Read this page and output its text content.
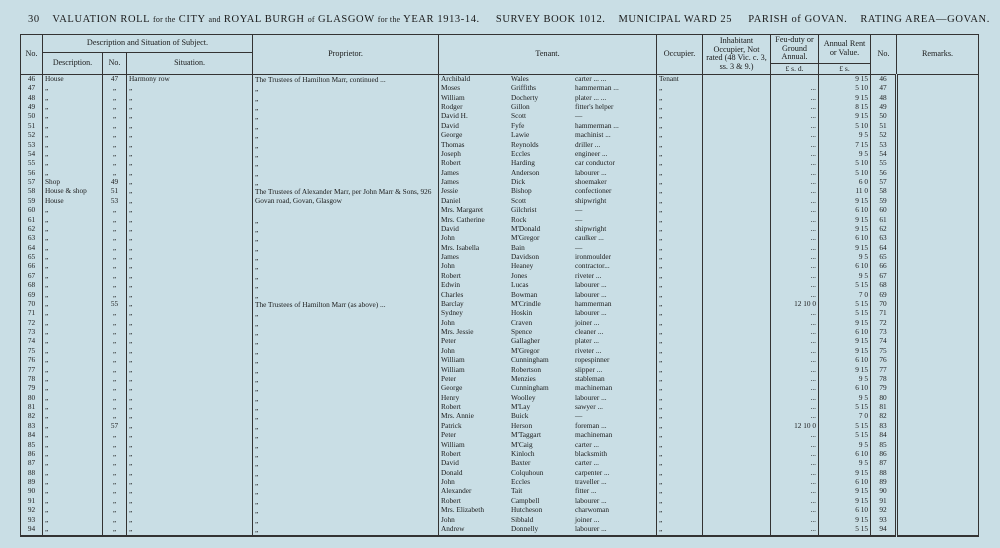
30 VALUATION ROLL for the CITY and ROYAL BURGH of GLASGOW for the YEAR 1913-14. SURVEY BOOK 1012. MUNICIPAL WARD 25 PARISH of GOVAN. RATING AREA—GOVAN.
No.	Description and Situation of Subject.			Proprietor.	Tenant.	Occupier.	Inhabitant Occupier, Not rated (48 Vic. c. 3, ss. 3 & 9.)	Feu-duty or Ground Annual.	Annual Rent or Value.	No.	Remarks.
	Description.	No.	Situation.								
								£ s. d.	£ s.		
46	House	47	Harmony row	The Trustees of Hamilton Marr, continued ...	Archibald Wales carter ... ...	Tenant			9 15	46	
47	„	„	„	„	Moses Griffiths hammerman ...	„		...	5 10	47	
48	„	„	„	„	William Docherty plater ... ...	„		...	9 15	48	
49	„	„	„	„	Rodger Gillon fitter's helper	„		...	8 15	49	
50	„	„	„	„	David H. Scott —	„		...	9 15	50	
51	„	„	„	„	David Fyfe hammerman ...	„		...	5 10	51	
52	„	„	„	„	George Lawie machinist ...	„		...	9 5	52	
53	„	„	„	„	Thomas Reynolds driller ...	„		...	7 15	53	
54	„	„	„	„	Joseph Eccles engineer ...	„		...	9 5	54	
55	„	„	„	„	Robert Harding car conductor	„		...	5 10	55	
56	„	„	„	„	James Anderson labourer ...	„		...	5 10	56	
57	Shop	49	„	„	James Dick shoemaker	„		...	6 0	57	
58	House & shop	51	„	The Trustees of Alexander Marr, per John Marr & Sons, 926 Govan road, Govan, Glasgow	Jessie Bishop confectioner	„		...	11 0	58	
59	House	53	„		Daniel Scott shipwright	„		...	9 15	59	
60	„	„	„		Mrs. Margaret Gilchrist —	„		...	6 10	60	
61	„	„	„	„	Mrs. Catherine Rock —	„		...	9 15	61	
62	„	„	„	„	David M'Donald shipwright	„		...	9 15	62	
63	„	„	„	„	John M'Gregor caulker ...	„		...	6 10	63	
64	„	„	„	„	Mrs. Isabella Bain —	„		...	9 15	64	
65	„	„	„	„	James Davidson ironmoulder	„		...	9 5	65	
66	„	„	„	„	John Heaney contractor...	„		...	6 10	66	
67	„	„	„	„	Robert Jones riveter ...	„		...	9 5	67	
68	„	„	„	„	Edwin Lucas labourer ...	„		...	5 15	68	
69	„	„	„	„	Charles Bowman labourer ...	„		...	7 0	69	
70	„	55	„	The Trustees of Hamilton Marr (as above) ...	Barclay M'Crindle hammerman	„		12 10 0	5 15	70	
71	„	„	„	„	Sydney Hoskin labourer ...	„		...	5 15	71	
72	„	„	„	„	John Craven joiner ...	„		...	9 15	72	
73	„	„	„	„	Mrs. Jessie Spence cleaner ...	„		...	6 10	73	
74	„	„	„	„	Peter Gallagher plater ...	„		...	9 15	74	
75	„	„	„	„	John M'Gregor riveter ...	„		...	9 15	75	
76	„	„	„	„	William Cunningham ropespinner	„		...	6 10	76	
77	„	„	„	„	William Robertson slipper ...	„		...	9 15	77	
78	„	„	„	„	Peter Menzies stableman	„		...	9 5	78	
79	„	„	„	„	George Cunningham machineman	„		...	6 10	79	
80	„	„	„	„	Henry Woolley labourer ...	„		...	9 5	80	
81	„	„	„	„	Robert M'Lay sawyer ...	„		...	5 15	81	
82	„	„	„	„	Mrs. Annie Buick —	„		...	7 0	82	
83	„	57	„	„	Patrick Herson foreman ...	„		12 10 0	5 15	83	
84	„	„	„	„	Peter M'Taggart machineman	„		...	5 15	84	
85	„	„	„	„	William M'Caig carter ...	„		...	9 5	85	
86	„	„	„	„	Robert Kinloch blacksmith	„		...	6 10	86	
87	„	„	„	„	David Baxter carter ...	„		...	9 5	87	
88	„	„	„	„	Donald Colquhoun carpenter ...	„		...	9 15	88	
89	„	„	„	„	John Eccles traveller ...	„		...	6 10	89	
90	„	„	„	„	Alexander Tait fitter ...	„		...	9 15	90	
91	„	„	„	„	Robert Campbell labourer ...	„		...	9 15	91	
92	„	„	„	„	Mrs. Elizabeth Hutcheson charwoman	„		...	6 10	92	
93	„	„	„	„	John Sibbald joiner ...	„		...	9 15	93	
94	„	„	„	„	Andrew Donnelly labourer ...	„		...	5 15	94	
